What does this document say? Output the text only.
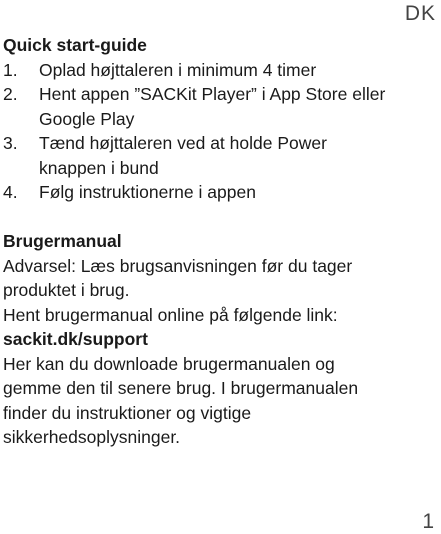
DK

Quick start-guide

1.	Oplad højttaleren i minimum 4 timer
2.	Hent appen ”SACKit Player” i App Store eller Google Play
3.	Tænd højttaleren ved at holde Power knappen i bund
4.	Følg instruktionerne i appen

Brugermanual

Advarsel: Læs brugsanvisningen før du tager produktet i brug.

Hent brugermanual online på følgende link:

sackit.dk/support

Her kan du downloade brugermanualen og gemme den til senere brug. I brugermanualen finder du instruktioner og vigtige sikkerhedsoplysninger.

1
